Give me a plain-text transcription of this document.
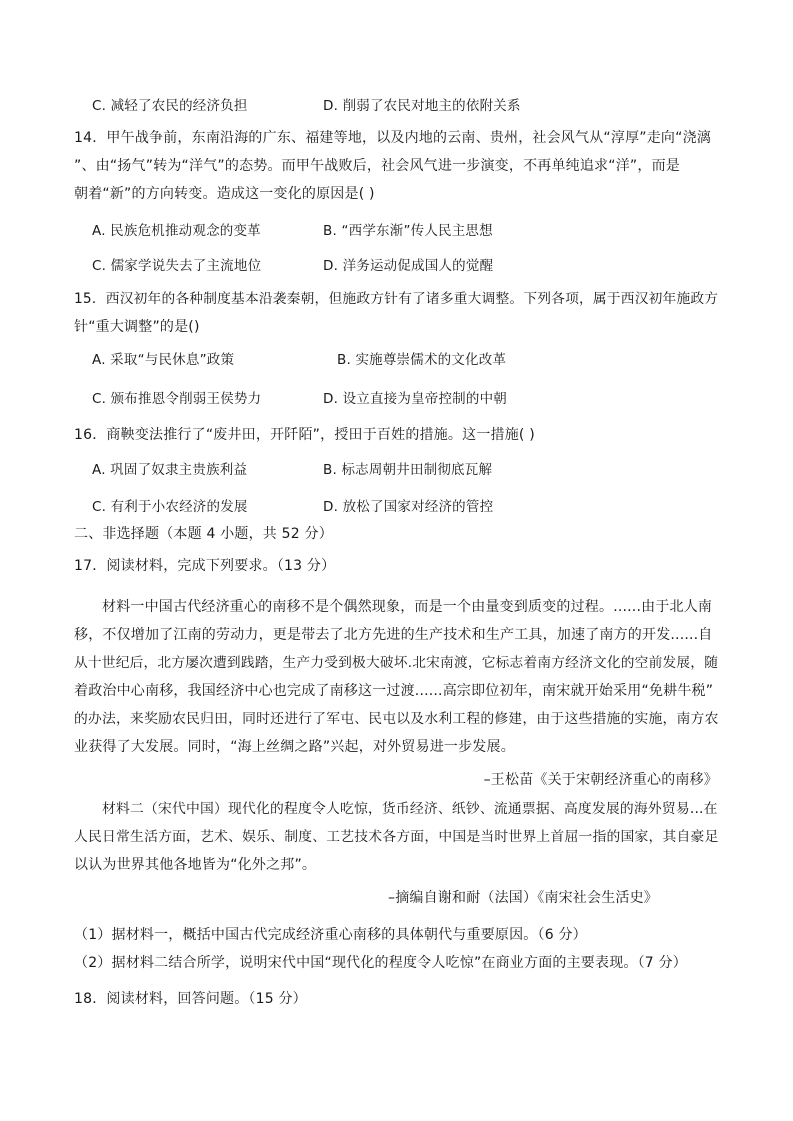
C. 减轻了农民的经济负担	D. 削弱了农民对地主的依附关系
14．甲午战争前，东南沿海的广东、福建等地，以及内地的云南、贵州，社会风气从“淳厚”走向“浇漓
”、由“扬气”转为“洋气”的态势。而甲午战败后，社会风气进一步演变，不再单纯追求“洋”，而是
朝着“新”的方向转变。造成这一变化的原因是( )
A. 民族危机推动观念的变革	B. “西学东渐”传人民主思想
C. 儒家学说失去了主流地位	D. 洋务运动促成国人的觉醒
15．西汉初年的各种制度基本沿袭秦朝，但施政方针有了诸多重大调整。下列各项，属于西汉初年施政方
针“重大调整”的是()
A. 采取“与民休息”政策	B. 实施尊崇儒术的文化改革
C. 颁布推恩令削弱王侯势力	D. 设立直接为皇帝控制的中朝
16．商鞅变法推行了“废井田，开阡陌”，授田于百姓的措施。这一措施( )
A. 巩固了奴隶主贵族利益	B. 标志周朝井田制彻底瓦解
C. 有利于小农经济的发展	D. 放松了国家对经济的管控
二、非选择题（本题 4 小题，共 52 分）
17．阅读材料，完成下列要求。（13 分）
材料一中国古代经济重心的南移不是个偶然现象，而是一个由量变到质变的过程。......由于北人南
移，不仅增加了江南的劳动力，更是带去了北方先进的生产技术和生产工具，加速了南方的开发......自
从十世纪后，北方屡次遭到践踏，生产力受到极大破坏.北宋南渡，它标志着南方经济文化的空前发展，随
着政治中心南移，我国经济中心也完成了南移这一过渡......高宗即位初年，南宋就开始采用“免耕牛税”
的办法，来奖励农民归田，同时还进行了军屯、民屯以及水利工程的修建，由于这些措施的实施，南方农
业获得了大发展。同时，“海上丝绸之路”兴起，对外贸易进一步发展。
–王松苗《关于宋朝经济重心的南移》
材料二（宋代中国）现代化的程度令人吃惊，货币经济、纸钞、流通票据、高度发展的海外贸易...在
人民日常生活方面，艺术、娱乐、制度、工艺技术各方面，中国是当时世界上首屈一指的国家，其自豪足
以认为世界其他各地皆为“化外之邦”。
–摘编自谢和耐（法国）《南宋社会生活史》
（1）据材料一，概括中国古代完成经济重心南移的具体朝代与重要原因。（6 分）
（2）据材料二结合所学，说明宋代中国“现代化的程度令人吃惊”在商业方面的主要表现。（7 分）
18．阅读材料，回答问题。（15 分）
